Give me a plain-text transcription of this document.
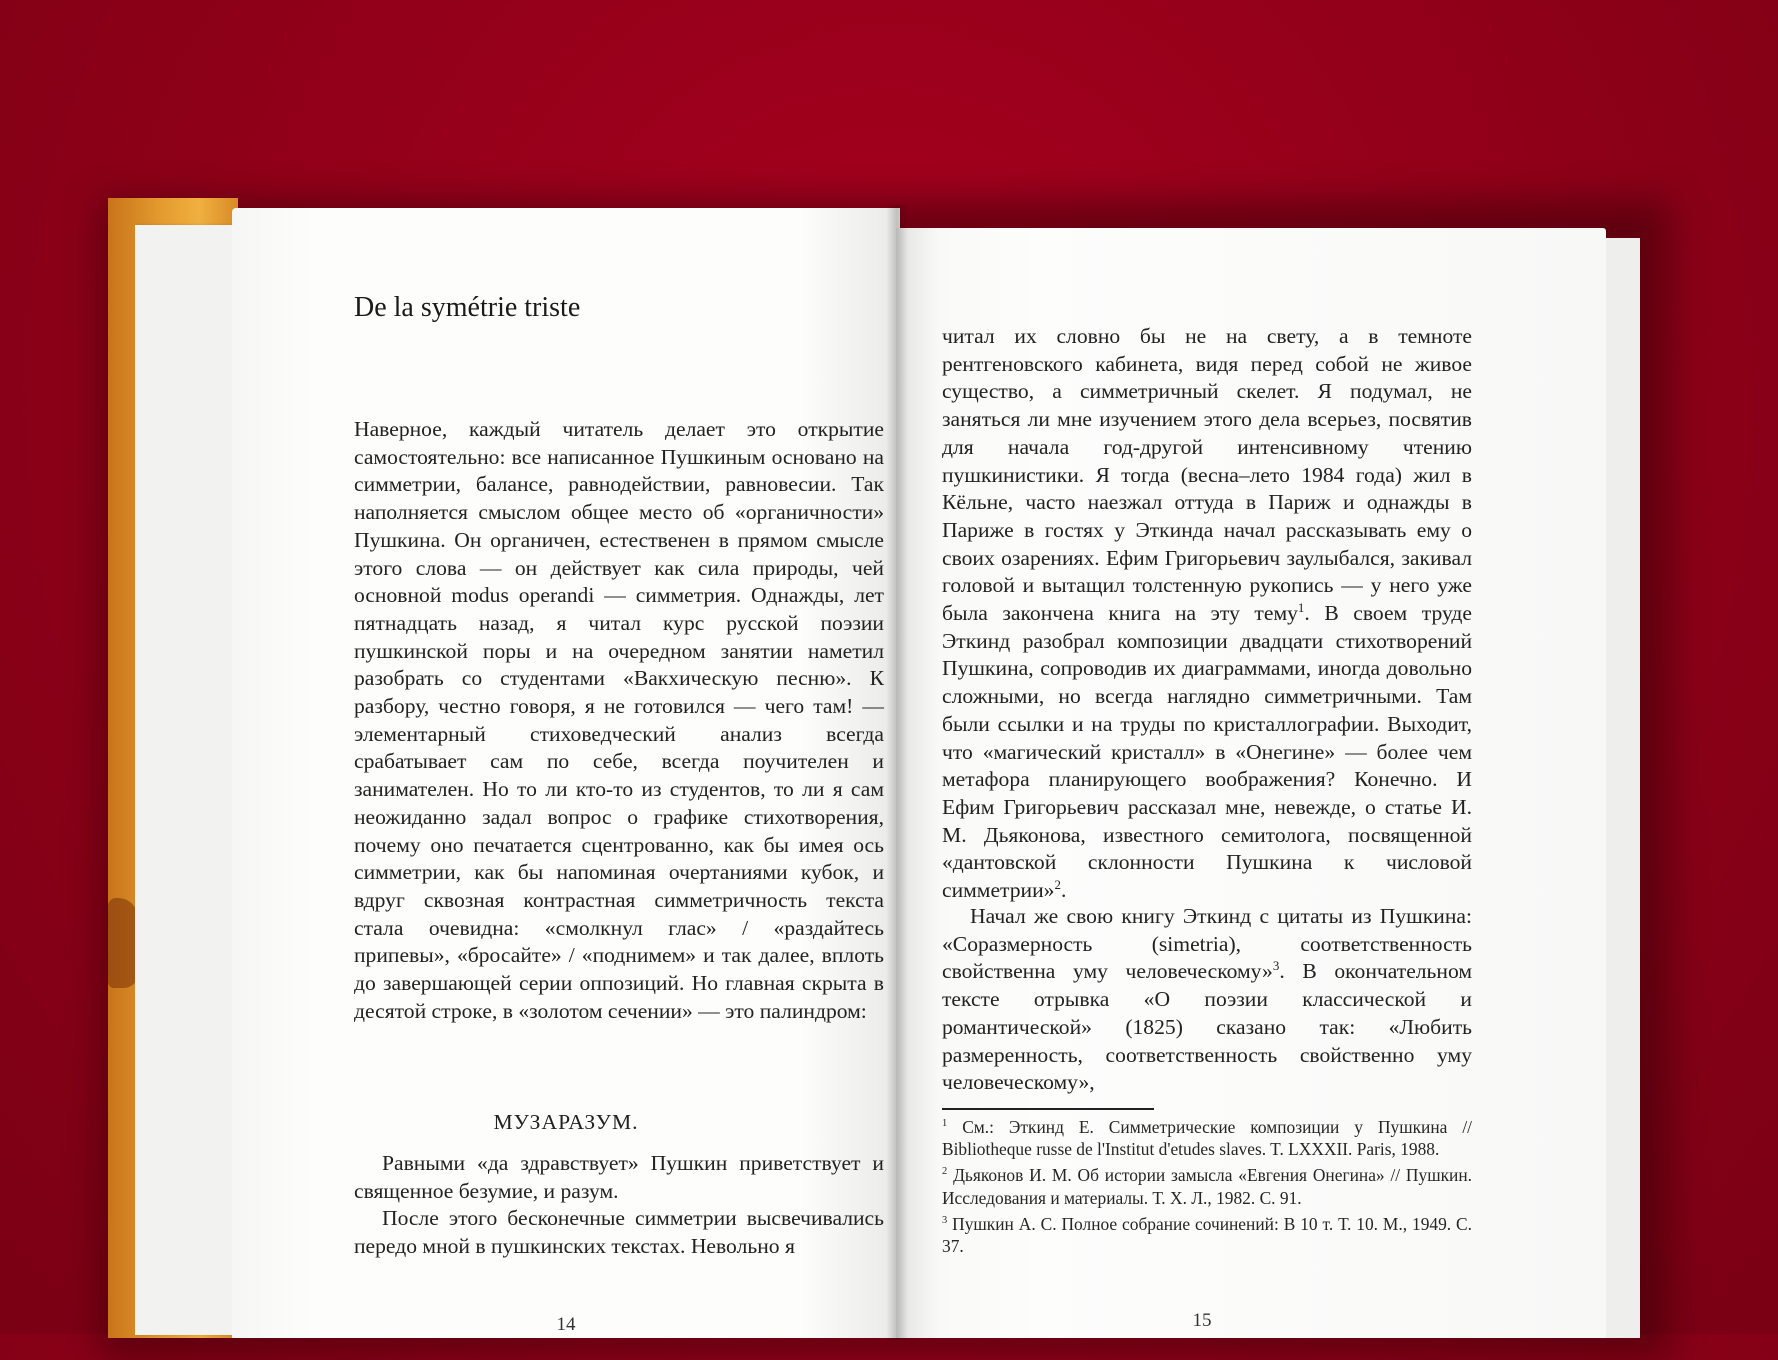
De la symétrie triste

Наверное, каждый читатель делает это открытие самостоятельно: все написанное Пушкиным основано на симметрии, балансе, равнодействии, равновесии. Так наполняется смыслом общее место об «органичности» Пушкина. Он органичен, естественен в прямом смысле этого слова — он действует как сила природы, чей основной modus operandi — симметрия. Однажды, лет пятнадцать назад, я читал курс русской поэзии пушкинской поры и на очередном занятии наметил разобрать со студентами «Вакхическую песню». К разбору, честно говоря, я не готовился — чего там! — элементарный стиховедческий анализ всегда срабатывает сам по себе, всегда поучителен и занимателен. Но то ли кто-то из студентов, то ли я сам неожиданно задал вопрос о графике стихотворения, почему оно печатается сцентрованно, как бы имея ось симметрии, как бы напоминая очертаниями кубок, и вдруг сквозная контрастная симметричность текста стала очевидна: «смолкнул глас» / «раздайтесь припевы», «бросайте» / «поднимем» и так далее, вплоть до завершающей серии оппозиций. Но главная скрыта в десятой строке, в «золотом сечении» — это палиндром:

МУЗАРАЗУМ.

Равными «да здравствует» Пушкин приветствует и священное безумие, и разум.

После этого бесконечные симметрии высвечивались передо мной в пушкинских текстах. Невольно я

14

читал их словно бы не на свету, а в темноте рентгеновского кабинета, видя перед собой не живое существо, а симметричный скелет. Я подумал, не заняться ли мне изучением этого дела всерьез, посвятив для начала год-другой интенсивному чтению пушкинистики. Я тогда (весна–лето 1984 года) жил в Кёльне, часто наезжал оттуда в Париж и однажды в Париже в гостях у Эткинда начал рассказывать ему о своих озарениях. Ефим Григорьевич заулыбался, закивал головой и вытащил толстенную рукопись — у него уже была закончена книга на эту тему$^1$. В своем труде Эткинд разобрал композиции двадцати стихотворений Пушкина, сопроводив их диаграммами, иногда довольно сложными, но всегда наглядно симметричными. Там были ссылки и на труды по кристаллографии. Выходит, что «магический кристалл» в «Онегине» — более чем метафора планирующего воображения? Конечно. И Ефим Григорьевич рассказал мне, невежде, о статье И. М. Дьяконова, известного семитолога, посвященной «дантовской склонности Пушкина к числовой симметрии»$^2$.

Начал же свою книгу Эткинд с цитаты из Пушкина: «Соразмерность (simetria), соответственность свойственна уму человеческому»$^3$. В окончательном тексте отрывка «О поэзии классической и романтической» (1825) сказано так: «Любить размеренность, соответственность свойственно уму человеческому»,

$^1$ См.: Эткинд Е. Симметрические композиции у Пушкина // Bibliotheque russe de l'Institut d'etudes slaves. T. LXXXII. Paris, 1988.

$^2$ Дьяконов И. М. Об истории замысла «Евгения Онегина» // Пушкин. Исследования и материалы. Т. Х. Л., 1982. С. 91.

$^3$ Пушкин А. С. Полное собрание сочинений: В 10 т. Т. 10. М., 1949. С. 37.

15
